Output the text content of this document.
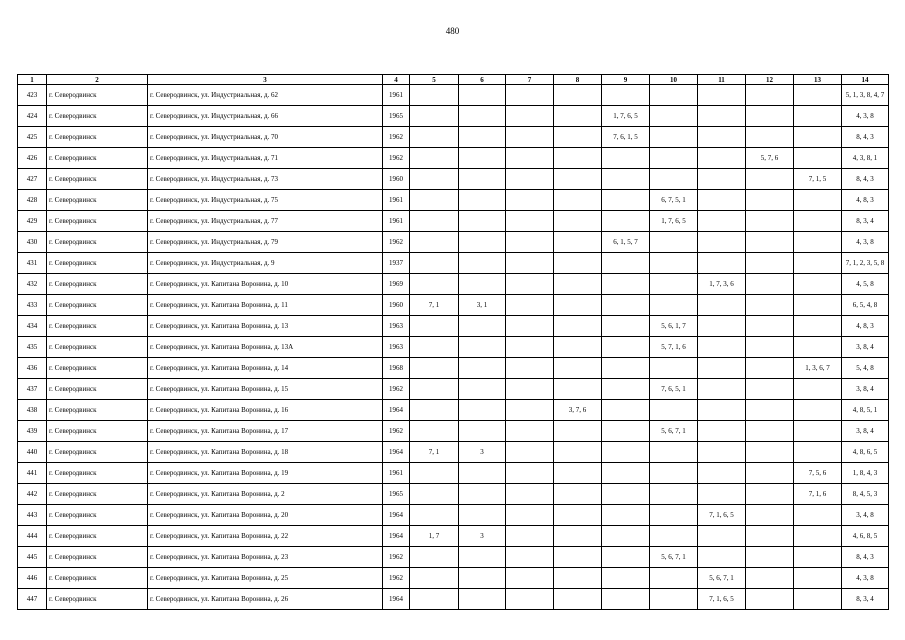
480
1	2	3	4	5	6	7	8	9	10	11	12	13	14
423	г. Северодвинск	г. Северодвинск, ул. Индустриальная, д. 62	1961										5, 1, 3, 8, 4, 7
424	г. Северодвинск	г. Северодвинск, ул. Индустриальная, д. 66	1965					1, 7, 6, 5					4, 3, 8
425	г. Северодвинск	г. Северодвинск, ул. Индустриальная, д. 70	1962					7, 6, 1, 5					8, 4, 3
426	г. Северодвинск	г. Северодвинск, ул. Индустриальная, д. 71	1962								5, 7, 6		4, 3, 8, 1
427	г. Северодвинск	г. Северодвинск, ул. Индустриальная, д. 73	1960									7, 1, 5	8, 4, 3
428	г. Северодвинск	г. Северодвинск, ул. Индустриальная, д. 75	1961						6, 7, 5, 1				4, 8, 3
429	г. Северодвинск	г. Северодвинск, ул. Индустриальная, д. 77	1961						1, 7, 6, 5				8, 3, 4
430	г. Северодвинск	г. Северодвинск, ул. Индустриальная, д. 79	1962					6, 1, 5, 7					4, 3, 8
431	г. Северодвинск	г. Северодвинск, ул. Индустриальная, д. 9	1937										7, 1, 2, 3, 5, 8
432	г. Северодвинск	г. Северодвинск, ул. Капитана Воронина, д. 10	1969							1, 7, 3, 6			4, 5, 8
433	г. Северодвинск	г. Северодвинск, ул. Капитана Воронина, д. 11	1960	7, 1	3, 1								6, 5, 4, 8
434	г. Северодвинск	г. Северодвинск, ул. Капитана Воронина, д. 13	1963						5, 6, 1, 7				4, 8, 3
435	г. Северодвинск	г. Северодвинск, ул. Капитана Воронина, д. 13А	1963						5, 7, 1, 6				3, 8, 4
436	г. Северодвинск	г. Северодвинск, ул. Капитана Воронина, д. 14	1968									1, 3, 6, 7	5, 4, 8
437	г. Северодвинск	г. Северодвинск, ул. Капитана Воронина, д. 15	1962						7, 6, 5, 1				3, 8, 4
438	г. Северодвинск	г. Северодвинск, ул. Капитана Воронина, д. 16	1964				3, 7, 6						4, 8, 5, 1
439	г. Северодвинск	г. Северодвинск, ул. Капитана Воронина, д. 17	1962						5, 6, 7, 1				3, 8, 4
440	г. Северодвинск	г. Северодвинск, ул. Капитана Воронина, д. 18	1964	7, 1	3								4, 8, 6, 5
441	г. Северодвинск	г. Северодвинск, ул. Капитана Воронина, д. 19	1961									7, 5, 6	1, 8, 4, 3
442	г. Северодвинск	г. Северодвинск, ул. Капитана Воронина, д. 2	1965									7, 1, 6	8, 4, 5, 3
443	г. Северодвинск	г. Северодвинск, ул. Капитана Воронина, д. 20	1964							7, 1, 6, 5			3, 4, 8
444	г. Северодвинск	г. Северодвинск, ул. Капитана Воронина, д. 22	1964	1, 7	3								4, 6, 8, 5
445	г. Северодвинск	г. Северодвинск, ул. Капитана Воронина, д. 23	1962						5, 6, 7, 1				8, 4, 3
446	г. Северодвинск	г. Северодвинск, ул. Капитана Воронина, д. 25	1962							5, 6, 7, 1			4, 3, 8
447	г. Северодвинск	г. Северодвинск, ул. Капитана Воронина, д. 26	1964							7, 1, 6, 5			8, 3, 4
